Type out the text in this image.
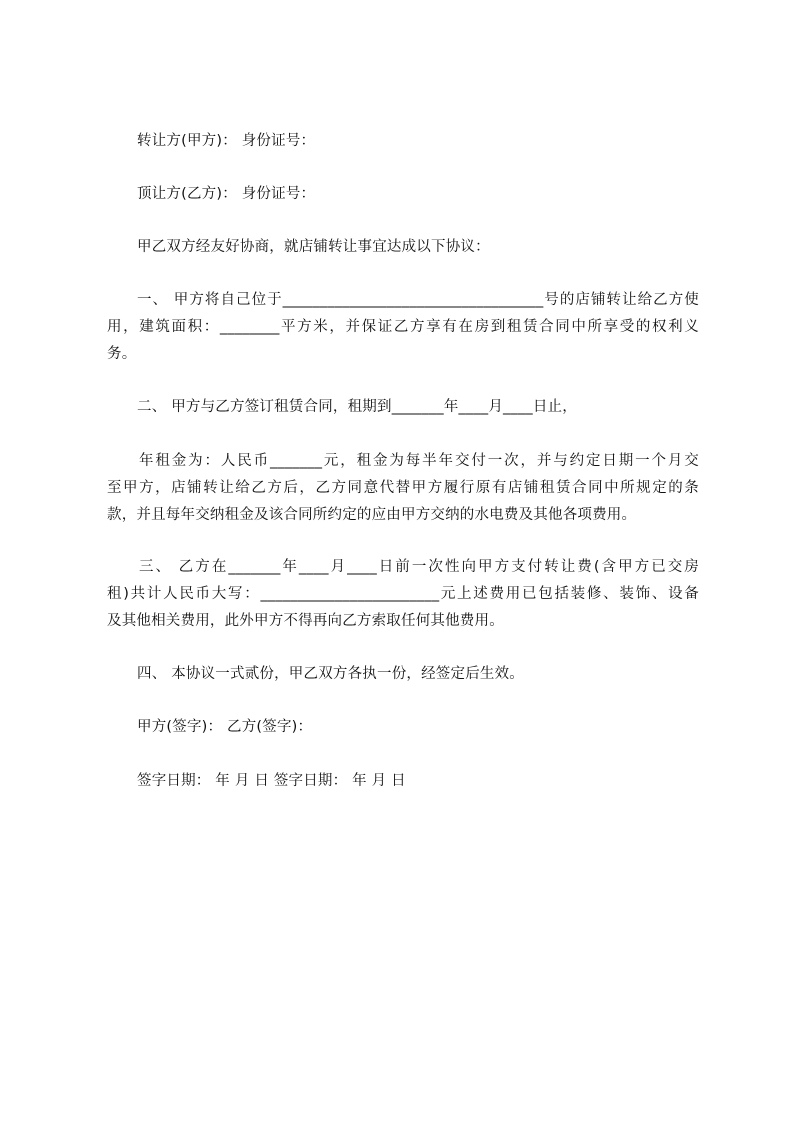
转让方(甲方)： 身份证号：
顶让方(乙方)： 身份证号：
甲乙双方经友好协商，就店铺转让事宜达成以下协议：
一、 甲方将自己位于___________________________________号的店铺转让给乙方使
用，建筑面积：________平方米，并保证乙方享有在房到租赁合同中所享受的权利义
务。
二、 甲方与乙方签订租赁合同，租期到_______年____月____日止，
年租金为：人民币_______元，租金为每半年交付一次，并与约定日期一个月交
至甲方，店铺转让给乙方后，乙方同意代替甲方履行原有店铺租赁合同中所规定的条
款，并且每年交纳租金及该合同所约定的应由甲方交纳的水电费及其他各项费用。
三、 乙方在_______年____月____日前一次性向甲方支付转让费(含甲方已交房
租)共计人民币大写：________________________元上述费用已包括装修、装饰、设备
及其他相关费用，此外甲方不得再向乙方索取任何其他费用。
四、 本协议一式贰份，甲乙双方各执一份，经签定后生效。
甲方(签字)： 乙方(签字)：
签字日期： 年 月 日 签字日期： 年 月 日
